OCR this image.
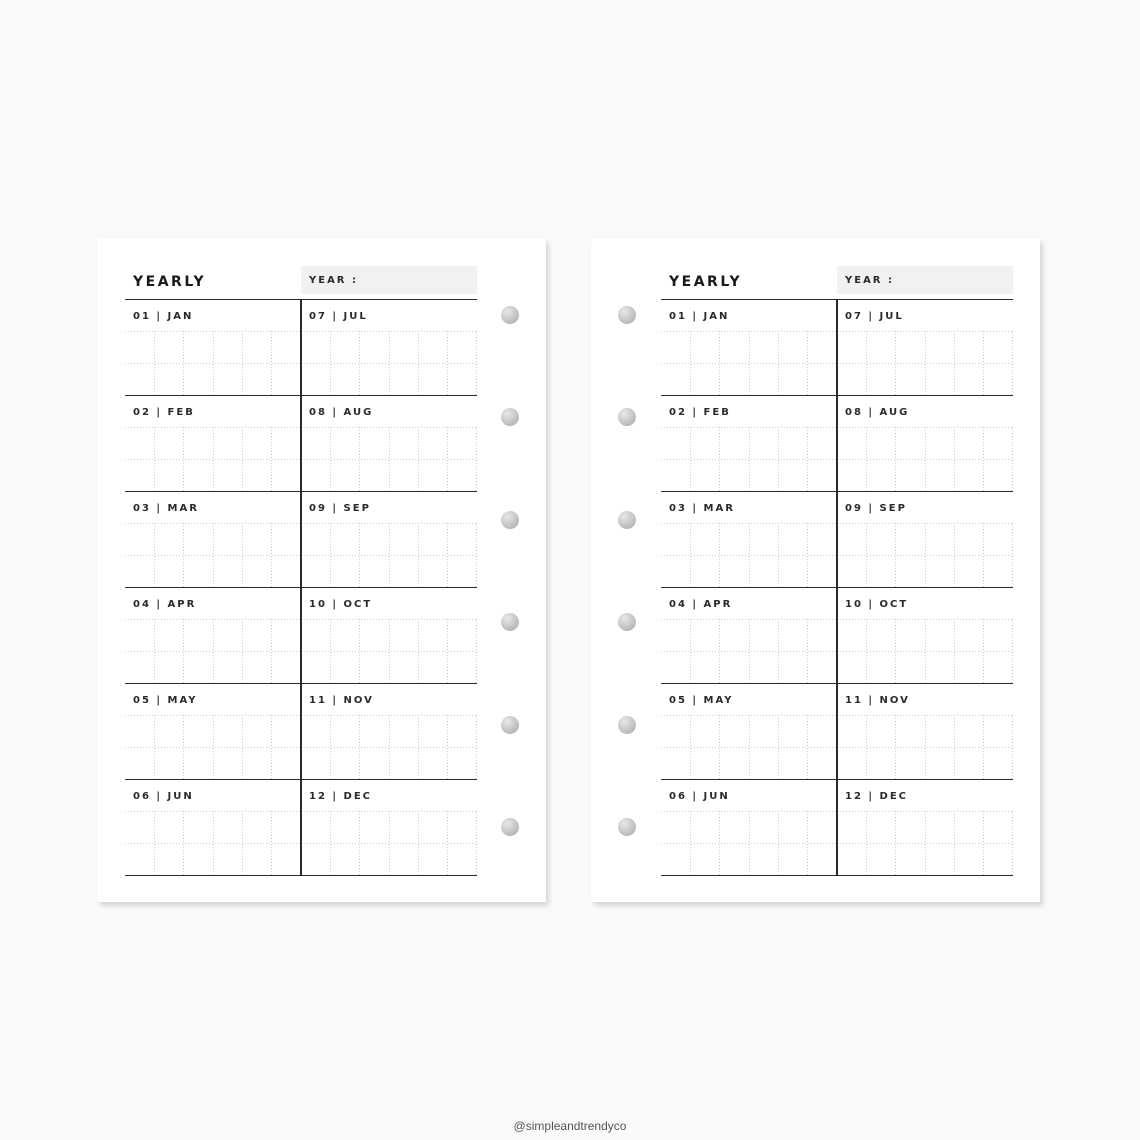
YEARLY	YEAR :
01 | JAN
02 | FEB
03 | MAR
04 | APR
05 | MAY
06 | JUN
07 | JUL
08 | AUG
09 | SEP
10 | OCT
11 | NOV
12 | DEC
YEARLY	YEAR :
01 | JAN
02 | FEB
03 | MAR
04 | APR
05 | MAY
06 | JUN
07 | JUL
08 | AUG
09 | SEP
10 | OCT
11 | NOV
12 | DEC
@simpleandtrendyco
